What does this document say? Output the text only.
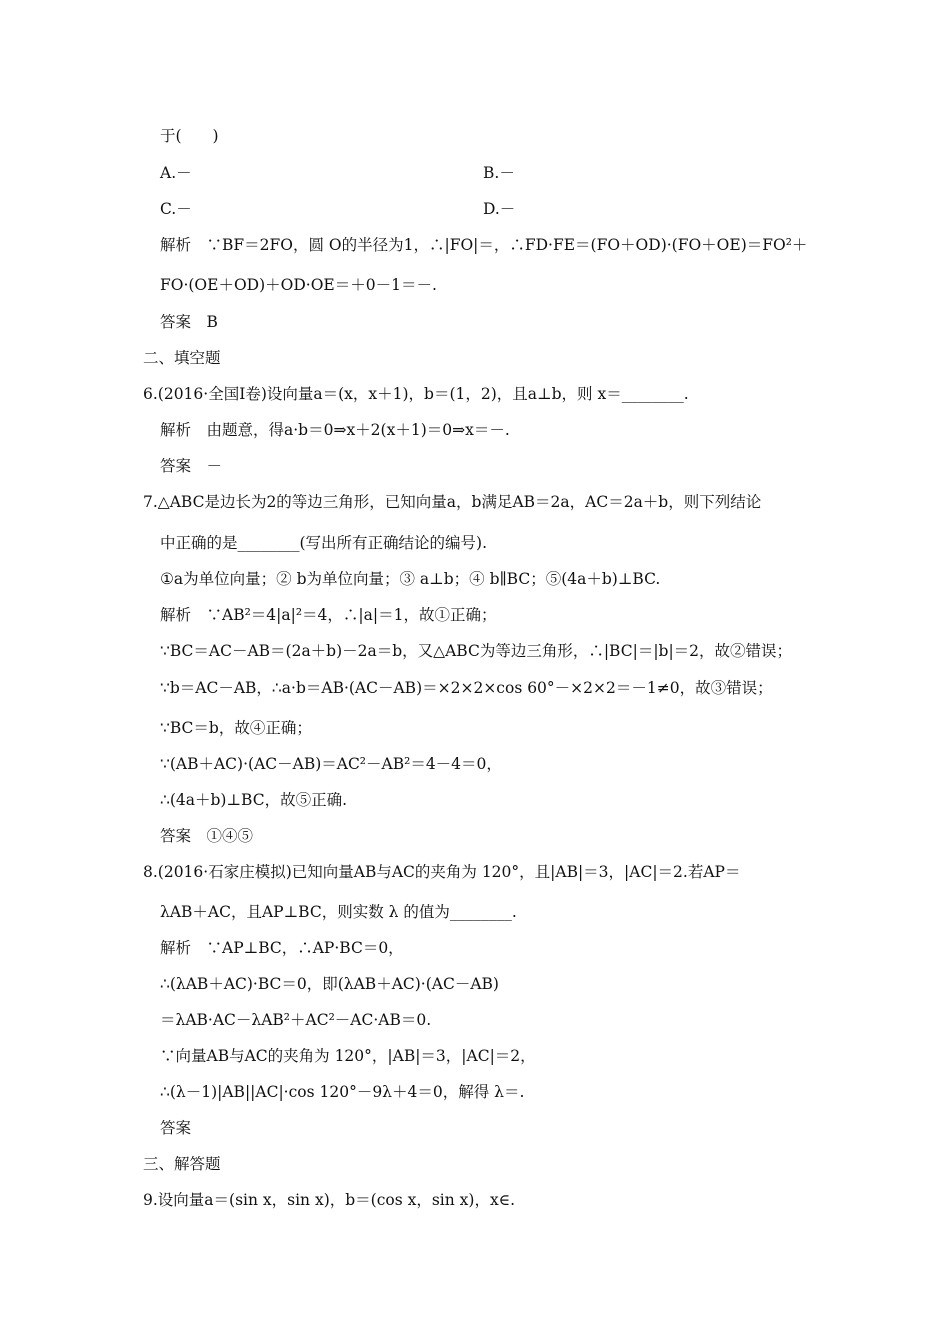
于(　　)
A.－	B.－
C.－	D.－
解析　∵BF＝2FO，圆 O的半径为1，∴|FO|＝，∴FD·FE＝(FO＋OD)·(FO＋OE)＝FO²＋
FO·(OE＋OD)＋OD·OE＝＋0－1＝－.
答案　B
二、填空题
6.(2016·全国Ⅰ卷)设向量a＝(x，x＋1)，b＝(1，2)，且a⊥b，则 x＝________.
解析　由题意，得a·b＝0⇒x＋2(x＋1)＝0⇒x＝－.
答案　－
7.△ABC是边长为2的等边三角形，已知向量a，b满足AB＝2a，AC＝2a＋b，则下列结论
中正确的是________(写出所有正确结论的编号).
①a为单位向量；② b为单位向量；③ a⊥b；④ b∥BC；⑤(4a＋b)⊥BC.
解析　∵AB²＝4|a|²＝4，∴|a|＝1，故①正确；
∵BC＝AC－AB＝(2a＋b)－2a＝b，又△ABC为等边三角形，∴|BC|＝|b|＝2，故②错误；
∵b＝AC－AB，∴a·b＝AB·(AC－AB)＝×2×2×cos 60°－×2×2＝－1≠0，故③错误；
∵BC＝b，故④正确；
∵(AB＋AC)·(AC－AB)＝AC²－AB²＝4－4＝0，
∴(4a＋b)⊥BC，故⑤正确.
答案　①④⑤
8.(2016·石家庄模拟)已知向量AB与AC的夹角为 120°，且|AB|＝3，|AC|＝2.若AP＝
λAB＋AC，且AP⊥BC，则实数 λ 的值为________.
解析　∵AP⊥BC，∴AP·BC＝0，
∴(λAB＋AC)·BC＝0，即(λAB＋AC)·(AC－AB)
＝λAB·AC－λAB²＋AC²－AC·AB＝0.
∵向量AB与AC的夹角为 120°，|AB|＝3，|AC|＝2，
∴(λ－1)|AB||AC|·cos 120°－9λ＋4＝0，解得 λ＝.
答案
三、解答题
9.设向量a＝(sin x，sin x)，b＝(cos x，sin x)，x∈.
